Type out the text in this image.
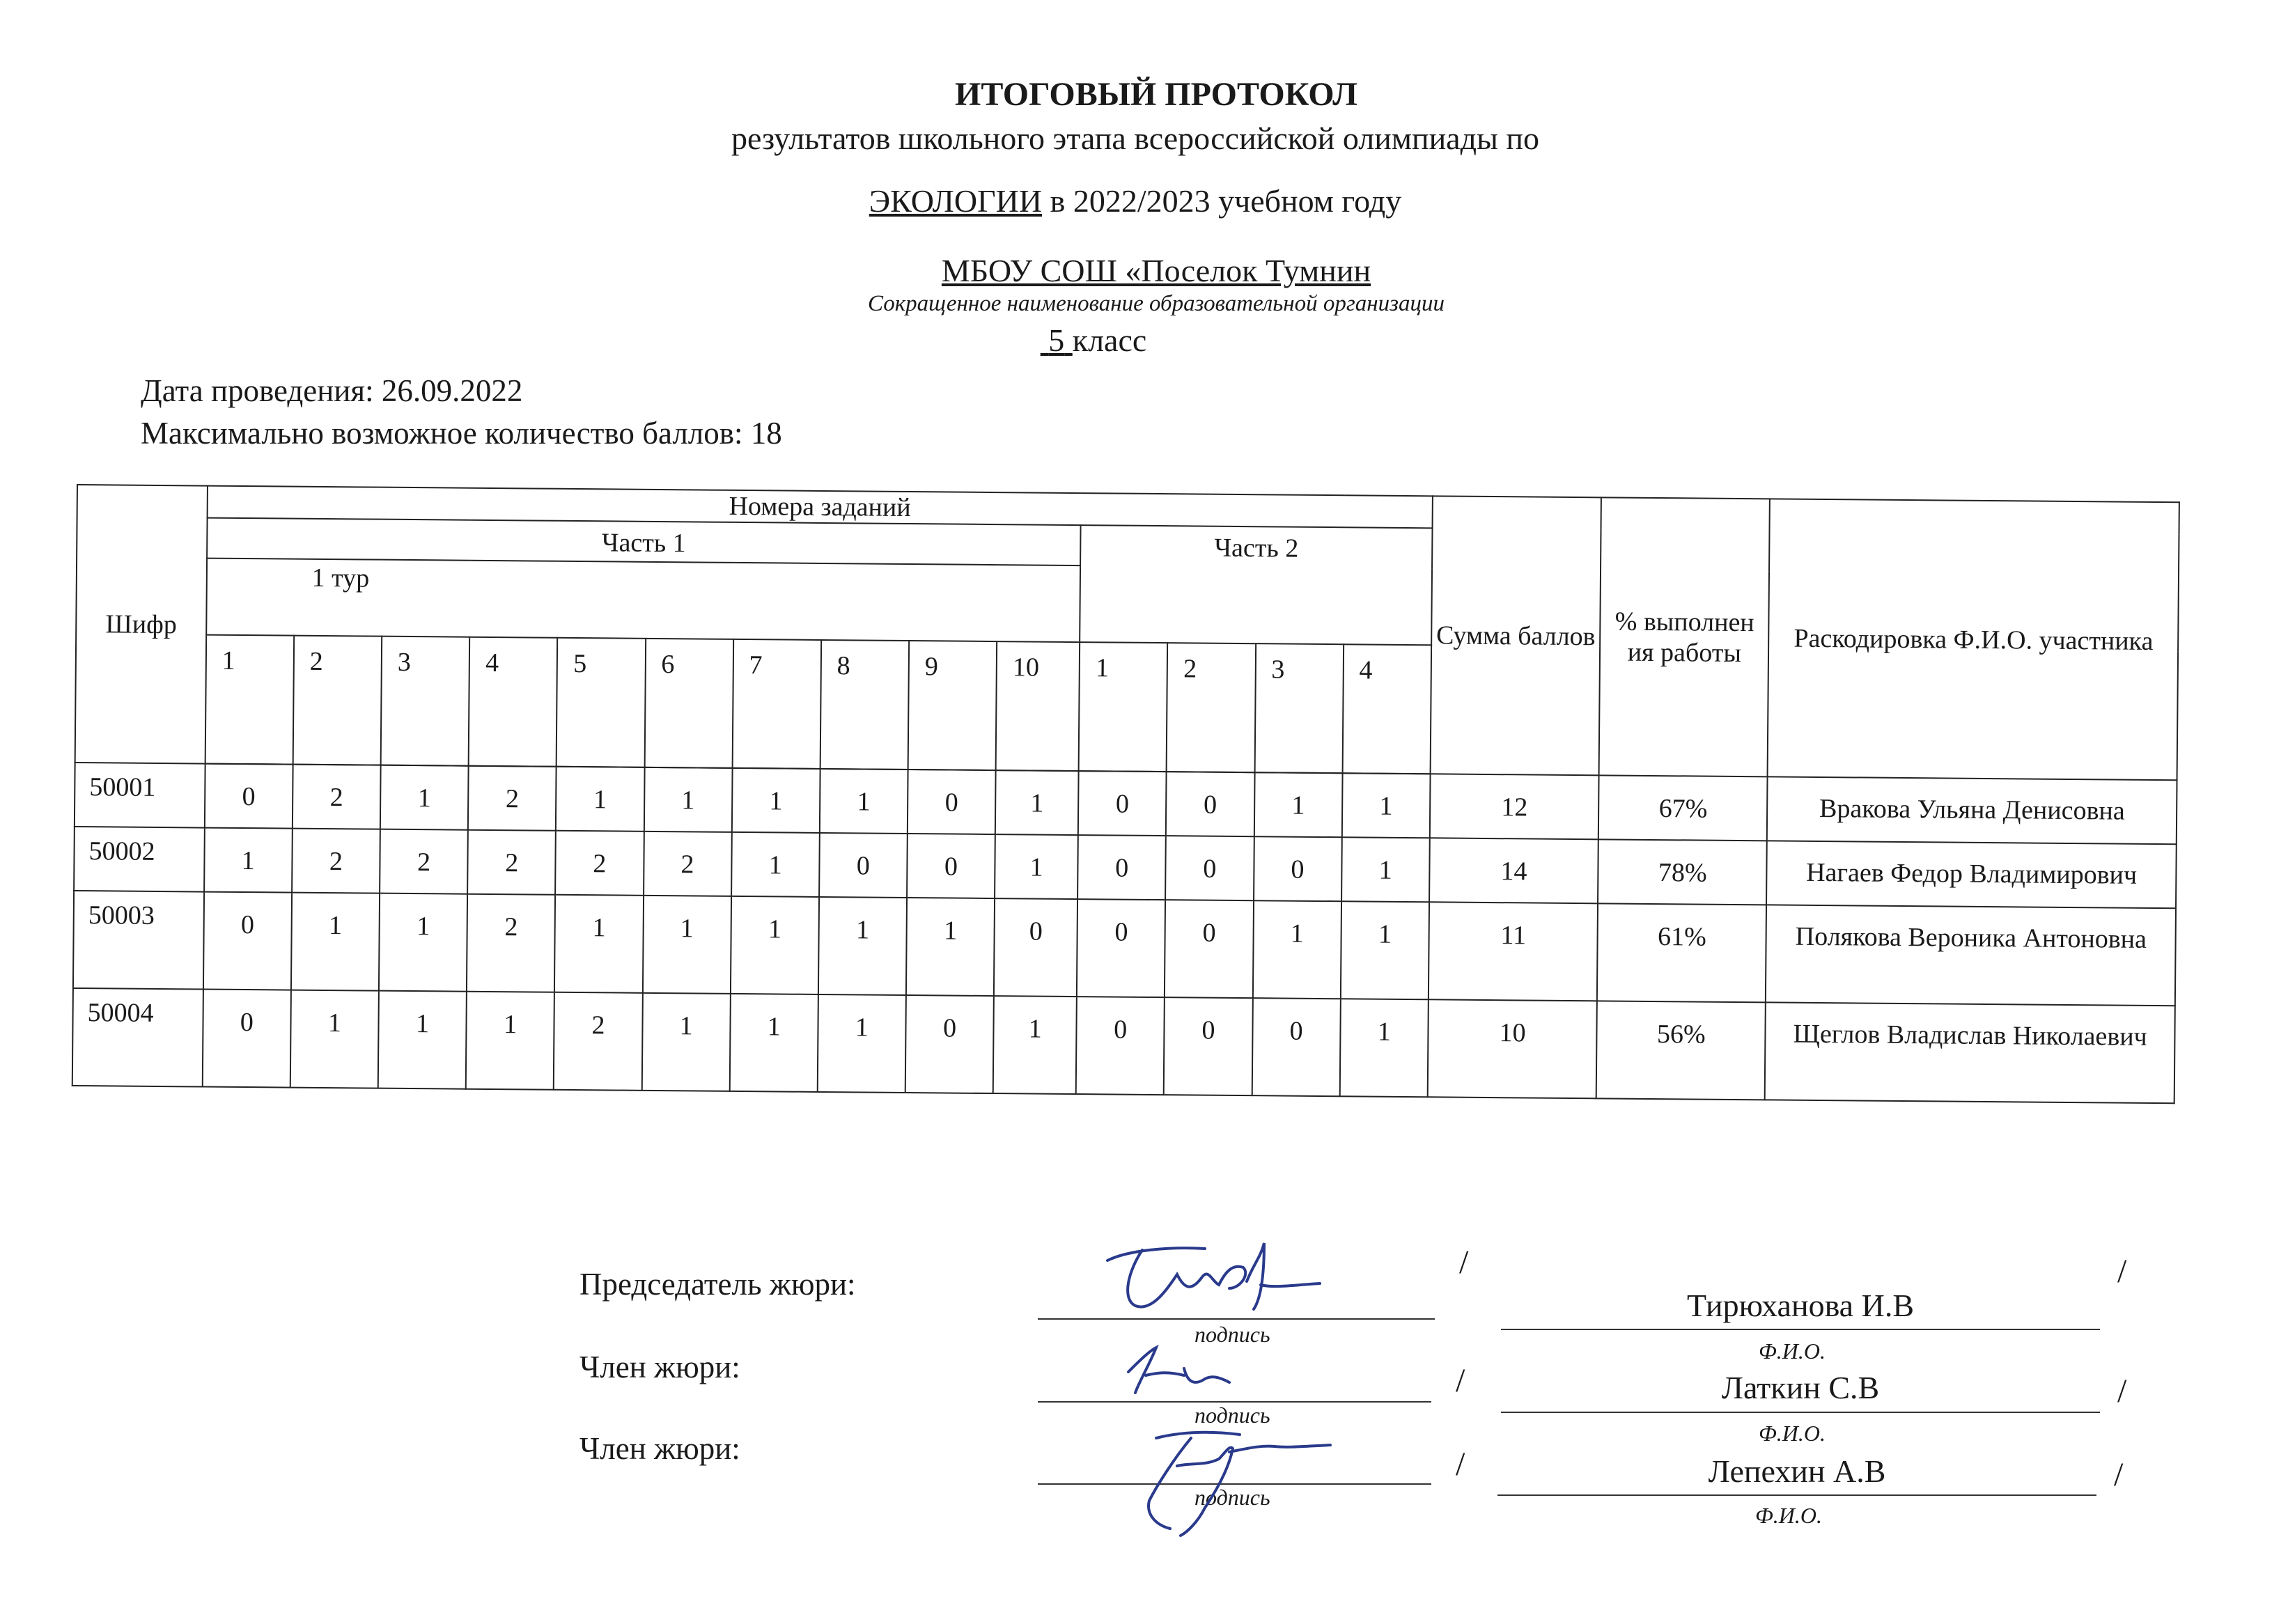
ИТОГОВЫЙ ПРОТОКОЛ
результатов школьного этапа всероссийской олимпиады по
ЭКОЛОГИИ в 2022/2023 учебном году
МБОУ СОШ «Поселок Тумнин
Сокращенное наименование образовательной организации
5 класс
Дата проведения: 26.09.2022
Максимально возможное количество баллов: 18
Шифр	Номера заданий														Сумма баллов	% выполнен ия работы	Раскодировка Ф.И.О. участника
	Часть 1										Часть 2						
	1 тур																
	1	2	3	4	5	6	7	8	9	10	1	2	3	4			

50001	0	2	1	2	1	1	1	1	0	1	0	0	1	1	12	67%	Вракова Ульяна Денисовна
50002	1	2	2	2	2	2	1	0	0	1	0	0	0	1	14	78%	Нагаев Федор Владимирович
50003	0	1	1	2	1	1	1	1	1	0	0	0	1	1	11	61%	Полякова Вероника Антоновна
50004	0	1	1	1	2	1	1	1	0	1	0	0	0	1	10	56%	Щеглов Владислав Николаевич
Председатель жюри:
Член жюри:
Член жюри:
подпись
подпись
подпись
/	/
/	/
/	/
Тирюханова И.В
Ф.И.О.
Латкин С.В
Ф.И.О.
Лепехин А.В
Ф.И.О.
